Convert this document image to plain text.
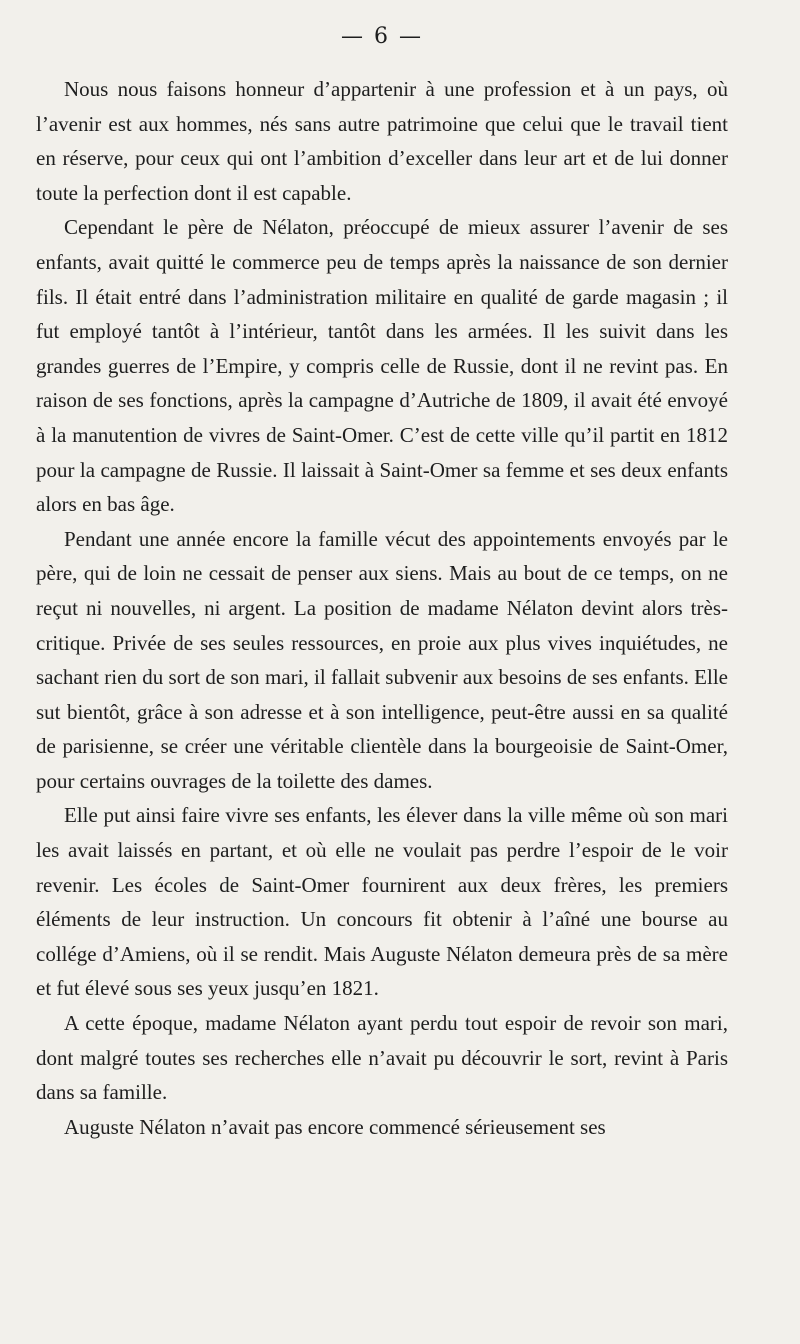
— 6 —

Nous nous faisons honneur d’appartenir à une profession et à un pays, où l’avenir est aux hommes, nés sans autre patrimoine que celui que le travail tient en réserve, pour ceux qui ont l’ambition d’exceller dans leur art et de lui donner toute la perfection dont il est capable.

Cependant le père de Nélaton, préoccupé de mieux assurer l’avenir de ses enfants, avait quitté le commerce peu de temps après la naissance de son dernier fils. Il était entré dans l’administration militaire en qualité de garde magasin ; il fut employé tantôt à l’intérieur, tantôt dans les armées. Il les suivit dans les grandes guerres de l’Empire, y compris celle de Russie, dont il ne revint pas. En raison de ses fonctions, après la campagne d’Autriche de 1809, il avait été envoyé à la manutention de vivres de Saint-Omer. C’est de cette ville qu’il partit en 1812 pour la campagne de Russie. Il laissait à Saint-Omer sa femme et ses deux enfants alors en bas âge.

Pendant une année encore la famille vécut des appointements envoyés par le père, qui de loin ne cessait de penser aux siens. Mais au bout de ce temps, on ne reçut ni nouvelles, ni argent. La position de madame Nélaton devint alors très-critique. Privée de ses seules ressources, en proie aux plus vives inquiétudes, ne sachant rien du sort de son mari, il fallait subvenir aux besoins de ses enfants. Elle sut bientôt, grâce à son adresse et à son intelligence, peut-être aussi en sa qualité de parisienne, se créer une véritable clientèle dans la bourgeoisie de Saint-Omer, pour certains ouvrages de la toilette des dames.

Elle put ainsi faire vivre ses enfants, les élever dans la ville même où son mari les avait laissés en partant, et où elle ne voulait pas perdre l’espoir de le voir revenir. Les écoles de Saint-Omer fournirent aux deux frères, les premiers éléments de leur instruction. Un concours fit obtenir à l’aîné une bourse au collége d’Amiens, où il se rendit. Mais Auguste Nélaton demeura près de sa mère et fut élevé sous ses yeux jusqu’en 1821.

A cette époque, madame Nélaton ayant perdu tout espoir de revoir son mari, dont malgré toutes ses recherches elle n’avait pu découvrir le sort, revint à Paris dans sa famille.

Auguste Nélaton n’avait pas encore commencé sérieusement ses
